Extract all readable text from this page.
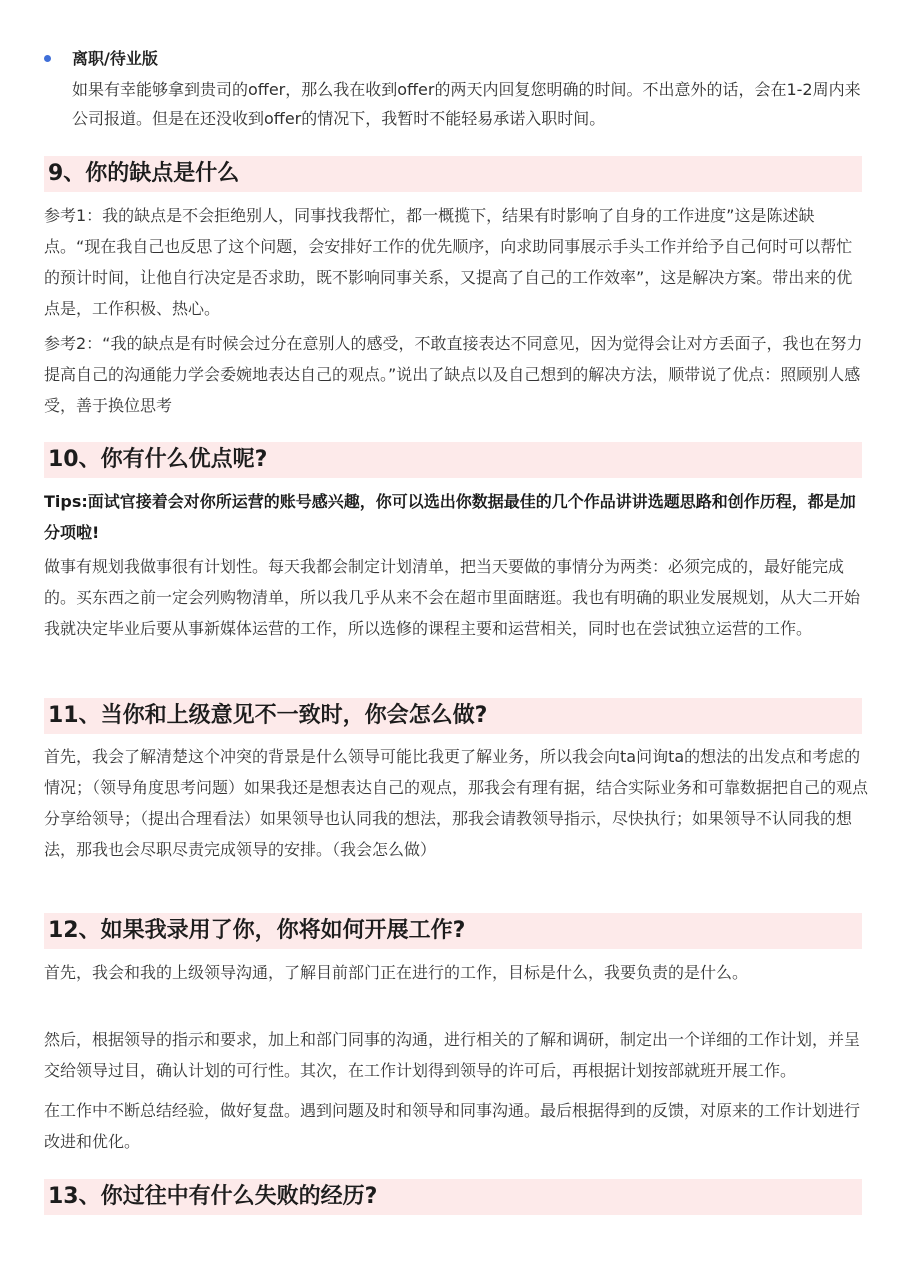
离职/待业版
如果有幸能够拿到贵司的offer，那么我在收到offer的两天内回复您明确的时间。不出意外的话，会在1-2周内来公司报道。但是在还没收到offer的情况下，我暂时不能轻易承诺入职时间。
9、你的缺点是什么

参考1：我的缺点是不会拒绝别人，同事找我帮忙，都一概揽下，结果有时影响了自身的工作进度”这是陈述缺点。“现在我自己也反思了这个问题，会安排好工作的优先顺序，向求助同事展示手头工作并给予自己何时可以帮忙的预计时间，让他自行决定是否求助，既不影响同事关系，又提高了自己的工作效率”，这是解决方案。带出来的优点是，工作积极、热心。

参考2：“我的缺点是有时候会过分在意别人的感受，不敢直接表达不同意见，因为觉得会让对方丢面子，我也在努力提高自己的沟通能力学会委婉地表达自己的观点。”说出了缺点以及自己想到的解决方法，顺带说了优点：照顾别人感受，善于换位思考

10、你有什么优点呢?

Tips:面试官接着会对你所运营的账号感兴趣，你可以选出你数据最佳的几个作品讲讲选题思路和创作历程，都是加分项啦!

做事有规划我做事很有计划性。每天我都会制定计划清单，把当天要做的事情分为两类：必须完成的，最好能完成的。买东西之前一定会列购物清单，所以我几乎从来不会在超市里面瞎逛。我也有明确的职业发展规划，从大二开始我就决定毕业后要从事新媒体运营的工作，所以选修的课程主要和运营相关，同时也在尝试独立运营的工作。

11、当你和上级意见不一致时，你会怎么做?

首先，我会了解清楚这个冲突的背景是什么领导可能比我更了解业务，所以我会向ta问询ta的想法的出发点和考虑的情况；（领导角度思考问题）如果我还是想表达自己的观点，那我会有理有据，结合实际业务和可靠数据把自己的观点分享给领导；（提出合理看法）如果领导也认同我的想法，那我会请教领导指示，尽快执行；如果领导不认同我的想法，那我也会尽职尽责完成领导的安排。（我会怎么做）

12、如果我录用了你，你将如何开展工作?

首先，我会和我的上级领导沟通，了解目前部门正在进行的工作，目标是什么，我要负责的是什么。

然后，根据领导的指示和要求，加上和部门同事的沟通，进行相关的了解和调研，制定出一个详细的工作计划，并呈交给领导过目，确认计划的可行性。其次，在工作计划得到领导的许可后，再根据计划按部就班开展工作。

在工作中不断总结经验，做好复盘。遇到问题及时和领导和同事沟通。最后根据得到的反馈，对原来的工作计划进行改进和优化。

13、你过往中有什么失败的经历?
